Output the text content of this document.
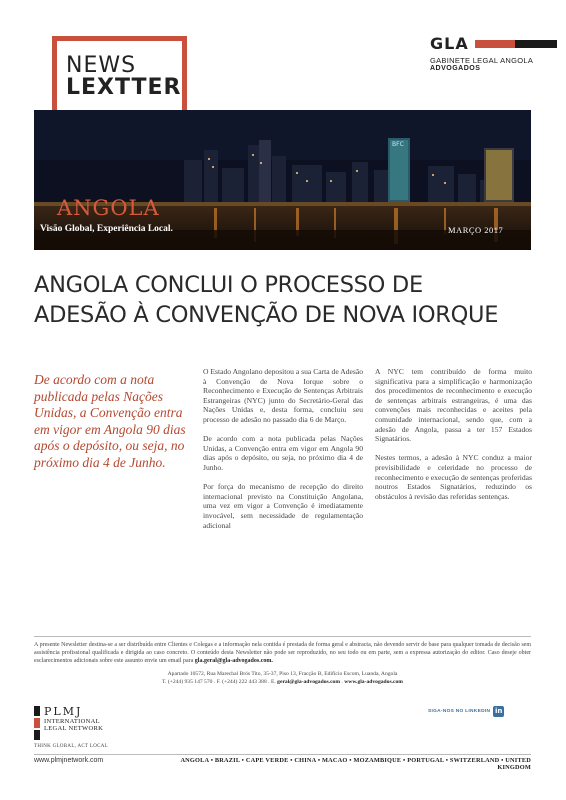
NEWS
LEXTTER
GLA
GABINETE LEGAL ANGOLA
ADVOGADOS
BFC
ANGOLA
Visão Global, Experiência Local.	MARÇO 2017
ANGOLA CONCLUI O PROCESSO DE
ADESÃO À CONVENÇÃO DE NOVA IORQUE
De acordo com a nota publicada pelas Nações Unidas, a Convenção entra em vigor em Angola 90 dias após o depósito, ou seja, no próximo dia 4 de Junho.

O Estado Angolano depositou a sua Carta de Adesão à Convenção de Nova Iorque sobre o Reconhecimento e Execução de Sentenças Arbitrais Estrangeiras (NYC) junto do Secretário-Geral das Nações Unidas e, desta forma, concluiu seu processo de adesão no passado dia 6 de Março.

De acordo com a nota publicada pelas Nações Unidas, a Convenção entra em vigor em Angola 90 dias após o depósito, ou seja, no próximo dia 4 de Junho.

Por força do mecanismo de recepção do direito internacional previsto na Constituição Angolana, uma vez em vigor a Convenção é imediatamente invocável, sem necessidade de regulamentação adicional

A NYC tem contribuído de forma muito significativa para a simplificação e harmonização dos procedimentos de reconhecimento e execução de sentenças arbitrais estrangeiras, é uma das convenções mais reconhecidas e aceites pela comunidade internacional, sendo que, com a adesão de Angola, passa a ter 157 Estados Signatários.

Nestes termos, a adesão à NYC conduz a maior previsibilidade e celeridade no processo de reconhecimento e execução de sentenças proferidas noutros Estados Signatários, reduzindo os obstáculos à revisão das referidas sentenças.

A presente Newsletter destina-se a ser distribuída entre Clientes e Colegas e a informação nela contida é prestada de forma geral e abstracta, não devendo servir de base para qualquer tomada de decisão sem assistência profissional qualificada e dirigida ao caso concreto. O conteúdo desta Newsletter não pode ser reproduzido, no seu todo ou em parte, sem a expressa autorização do editor. Caso deseje obter esclarecimentos adicionais sobre este assunto envie um email para gla.geral@gla-advogados.com.
Apartado 10572, Rua Marechal Brós Tito, 35-37, Piso 13, Fracção B, Edifício Escom, Luanda, Angola
T. (+244) 935 147 570 . F. (+244) 222 443 388 . E. geral@gla-advogados.com . www.gla-advogados.com
PLMJ
INTERNATIONAL
LEGAL NETWORK
THINK GLOBAL, ACT LOCAL
SIGA-NOS NO LINKEDIN in
www.plmjnetwork.com	ANGOLA • BRAZIL • CAPE VERDE • CHINA • MACAO • MOZAMBIQUE • PORTUGAL • SWITZERLAND • UNITED KINGDOM
